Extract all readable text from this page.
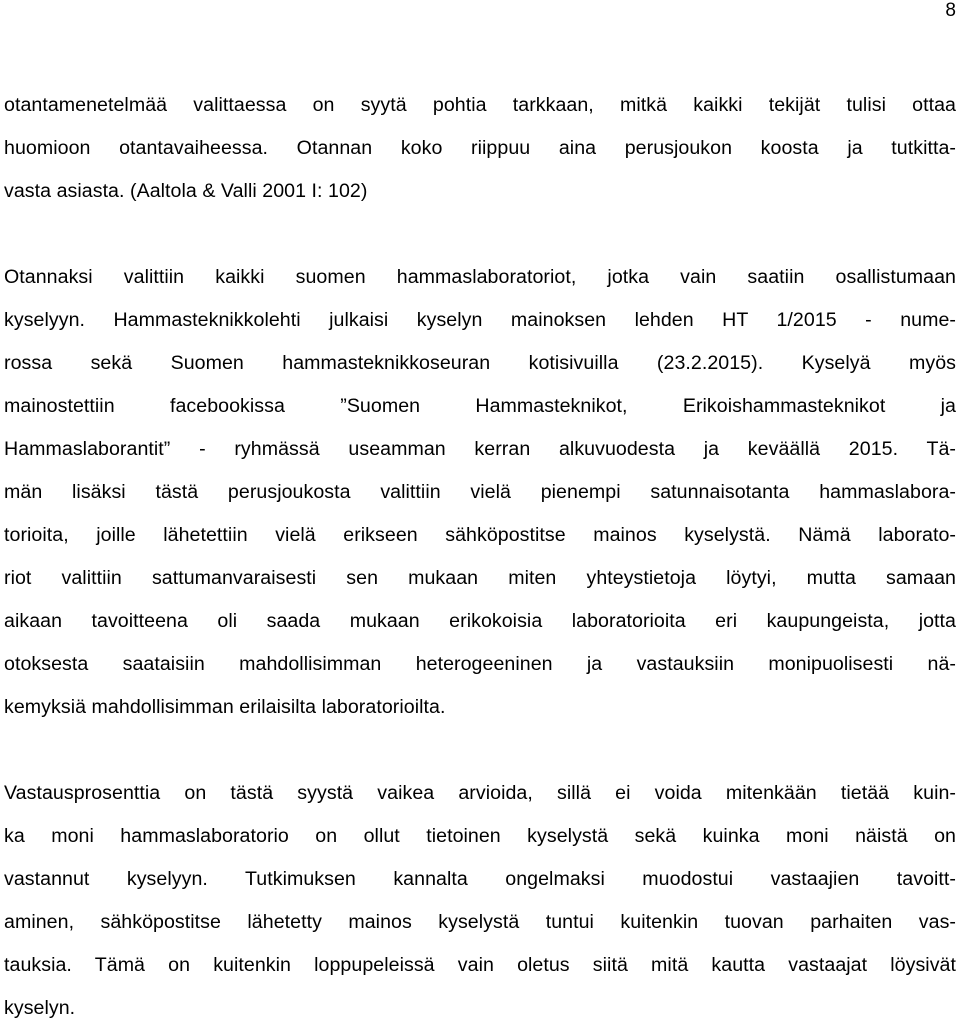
8

otantamenetelmää valittaessa on syytä pohtia tarkkaan, mitkä kaikki tekijät tulisi ottaa
huomioon otantavaiheessa. Otannan koko riippuu aina perusjoukon koosta ja tutkitta-
vasta asiasta. (Aaltola & Valli 2001 I: 102)

Otannaksi valittiin kaikki suomen hammaslaboratoriot, jotka vain saatiin osallistumaan
kyselyyn. Hammasteknikkolehti julkaisi kyselyn mainoksen lehden HT 1/2015 - nume-
rossa sekä Suomen hammasteknikkoseuran kotisivuilla (23.2.2015). Kyselyä myös
mainostettiin facebookissa ”Suomen Hammasteknikot, Erikoishammasteknikot ja
Hammaslaborantit” - ryhmässä useamman kerran alkuvuodesta ja keväällä 2015. Tä-
män lisäksi tästä perusjoukosta valittiin vielä pienempi satunnaisotanta hammaslabora-
torioita, joille lähetettiin vielä erikseen sähköpostitse mainos kyselystä. Nämä laborato-
riot valittiin sattumanvaraisesti sen mukaan miten yhteystietoja löytyi, mutta samaan
aikaan tavoitteena oli saada mukaan erikokoisia laboratorioita eri kaupungeista, jotta
otoksesta saataisiin mahdollisimman heterogeeninen ja vastauksiin monipuolisesti nä-
kemyksiä mahdollisimman erilaisilta laboratorioilta.

Vastausprosenttia on tästä syystä vaikea arvioida, sillä ei voida mitenkään tietää kuin-
ka moni hammaslaboratorio on ollut tietoinen kyselystä sekä kuinka moni näistä on
vastannut kyselyyn. Tutkimuksen kannalta ongelmaksi muodostui vastaajien tavoitt-
aminen, sähköpostitse lähetetty mainos kyselystä tuntui kuitenkin tuovan parhaiten vas-
tauksia. Tämä on kuitenkin loppupeleissä vain oletus siitä mitä kautta vastaajat löysivät
kyselyn.
